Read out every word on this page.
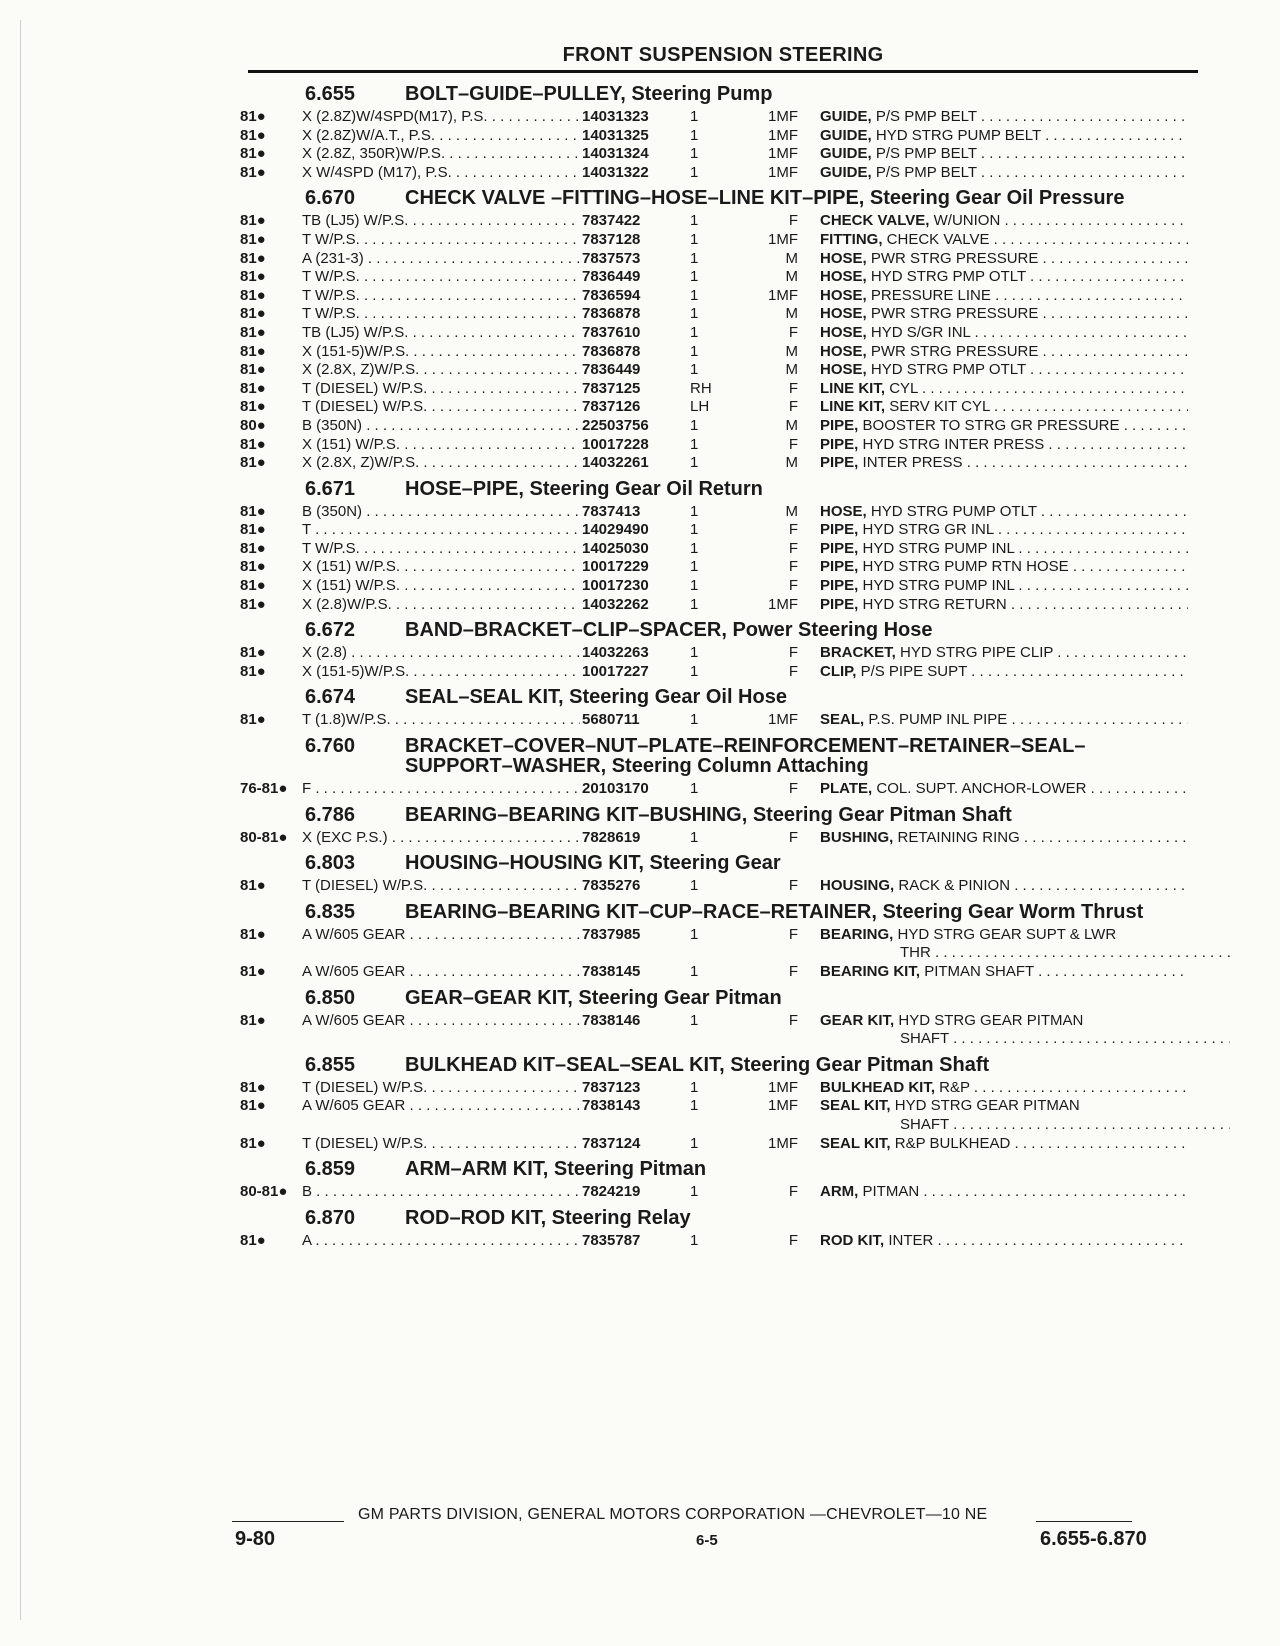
FRONT SUSPENSION STEERING
6.655	BOLT–GUIDE–PULLEY, Steering Pump
81●	X (2.8Z)W/4SPD(M17), P.S. . . .	14031323	1	1MF	GUIDE, P/S PMP BELT . . .
81●	X (2.8Z)W/A.T., P.S. . . .	14031325	1	1MF	GUIDE, HYD STRG PUMP BELT . . .
81●	X (2.8Z, 350R)W/P.S. . . .	14031324	1	1MF	GUIDE, P/S PMP BELT . . .
81●	X W/4SPD (M17), P.S. . . .	14031322	1	1MF	GUIDE, P/S PMP BELT . . .
6.670	CHECK VALVE –FITTING–HOSE–LINE KIT–PIPE, Steering Gear Oil Pressure
81●	TB (LJ5) W/P.S. . . .	7837422	1	F	CHECK VALVE, W/UNION . . .
81●	T W/P.S. . . .	7837128	1	1MF	FITTING, CHECK VALVE . . .
81●	A (231-3) . . .	7837573	1	M	HOSE, PWR STRG PRESSURE . . .
81●	T W/P.S. . . .	7836449	1	M	HOSE, HYD STRG PMP OTLT . . .
81●	T W/P.S. . . .	7836594	1	1MF	HOSE, PRESSURE LINE . . .
81●	T W/P.S. . . .	7836878	1	M	HOSE, PWR STRG PRESSURE . . .
81●	TB (LJ5) W/P.S. . . .	7837610	1	F	HOSE, HYD S/GR INL . . .
81●	X (151-5)W/P.S. . . .	7836878	1	M	HOSE, PWR STRG PRESSURE . . .
81●	X (2.8X, Z)W/P.S. . . .	7836449	1	M	HOSE, HYD STRG PMP OTLT . . .
81●	T (DIESEL) W/P.S. . . .	7837125	RH	F	LINE KIT, CYL . . .
81●	T (DIESEL) W/P.S. . . .	7837126	LH	F	LINE KIT, SERV KIT CYL . . .
80●	B (350N) . . .	22503756	1	M	PIPE, BOOSTER TO STRG GR PRESSURE . . .
81●	X (151) W/P.S. . . .	10017228	1	F	PIPE, HYD STRG INTER PRESS . . .
81●	X (2.8X, Z)W/P.S. . . .	14032261	1	M	PIPE, INTER PRESS . . .
6.671	HOSE–PIPE, Steering Gear Oil Return
81●	B (350N) . . .	7837413	1	M	HOSE, HYD STRG PUMP OTLT . . .
81●	T . . .	14029490	1	F	PIPE, HYD STRG GR INL . . .
81●	T W/P.S. . . .	14025030	1	F	PIPE, HYD STRG PUMP INL . . .
81●	X (151) W/P.S. . . .	10017229	1	F	PIPE, HYD STRG PUMP RTN HOSE . . .
81●	X (151) W/P.S. . . .	10017230	1	F	PIPE, HYD STRG PUMP INL . . .
81●	X (2.8)W/P.S. . . .	14032262	1	1MF	PIPE, HYD STRG RETURN . . .
6.672	BAND–BRACKET–CLIP–SPACER, Power Steering Hose
81●	X (2.8) . . .	14032263	1	F	BRACKET, HYD STRG PIPE CLIP . . .
81●	X (151-5)W/P.S. . . .	10017227	1	F	CLIP, P/S PIPE SUPT . . .
6.674	SEAL–SEAL KIT, Steering Gear Oil Hose
81●	T (1.8)W/P.S. . . .	5680711	1	1MF	SEAL, P.S. PUMP INL PIPE . . .
6.760	BRACKET–COVER–NUT–PLATE–REINFORCEMENT–RETAINER–SEAL–SUPPORT–WASHER, Steering Column Attaching
76-81● F . . .	20103170	1	F	PLATE, COL. SUPT. ANCHOR-LOWER . . .
6.786	BEARING–BEARING KIT–BUSHING, Steering Gear Pitman Shaft
80-81● X (EXC P.S.) . . .	7828619	1	F	BUSHING, RETAINING RING . . .
6.803	HOUSING–HOUSING KIT, Steering Gear
81●	T (DIESEL) W/P.S. . . .	7835276	1	F	HOUSING, RACK & PINION . . .
6.835	BEARING–BEARING KIT–CUP–RACE–RETAINER, Steering Gear Worm Thrust
81●	A W/605 GEAR . . .	7837985	1	F	BEARING, HYD STRG GEAR SUPT & LWR
THR . . .
81●	A W/605 GEAR . . .	7838145	1	F	BEARING KIT, PITMAN SHAFT . . .
6.850	GEAR–GEAR KIT, Steering Gear Pitman
81●	A W/605 GEAR . . .	7838146	1	F	GEAR KIT, HYD STRG GEAR PITMAN
SHAFT . . .
6.855	BULKHEAD KIT–SEAL–SEAL KIT, Steering Gear Pitman Shaft
81●	T (DIESEL) W/P.S. . . .	7837123	1	1MF	BULKHEAD KIT, R&P . . .
81●	A W/605 GEAR . . .	7838143	1	1MF	SEAL KIT, HYD STRG GEAR PITMAN
SHAFT . . .
81●	T (DIESEL) W/P.S. . . .	7837124	1	1MF	SEAL KIT, R&P BULKHEAD . . .
6.859	ARM–ARM KIT, Steering Pitman
80-81● B . . .	7824219	1	F	ARM, PITMAN . . .
6.870	ROD–ROD KIT, Steering Relay
81●	A . . .	7835787	1	F	ROD KIT, INTER . . .
GM PARTS DIVISION, GENERAL MOTORS CORPORATION —CHEVROLET—10 NE
9-80	6-5	6.655-6.870
